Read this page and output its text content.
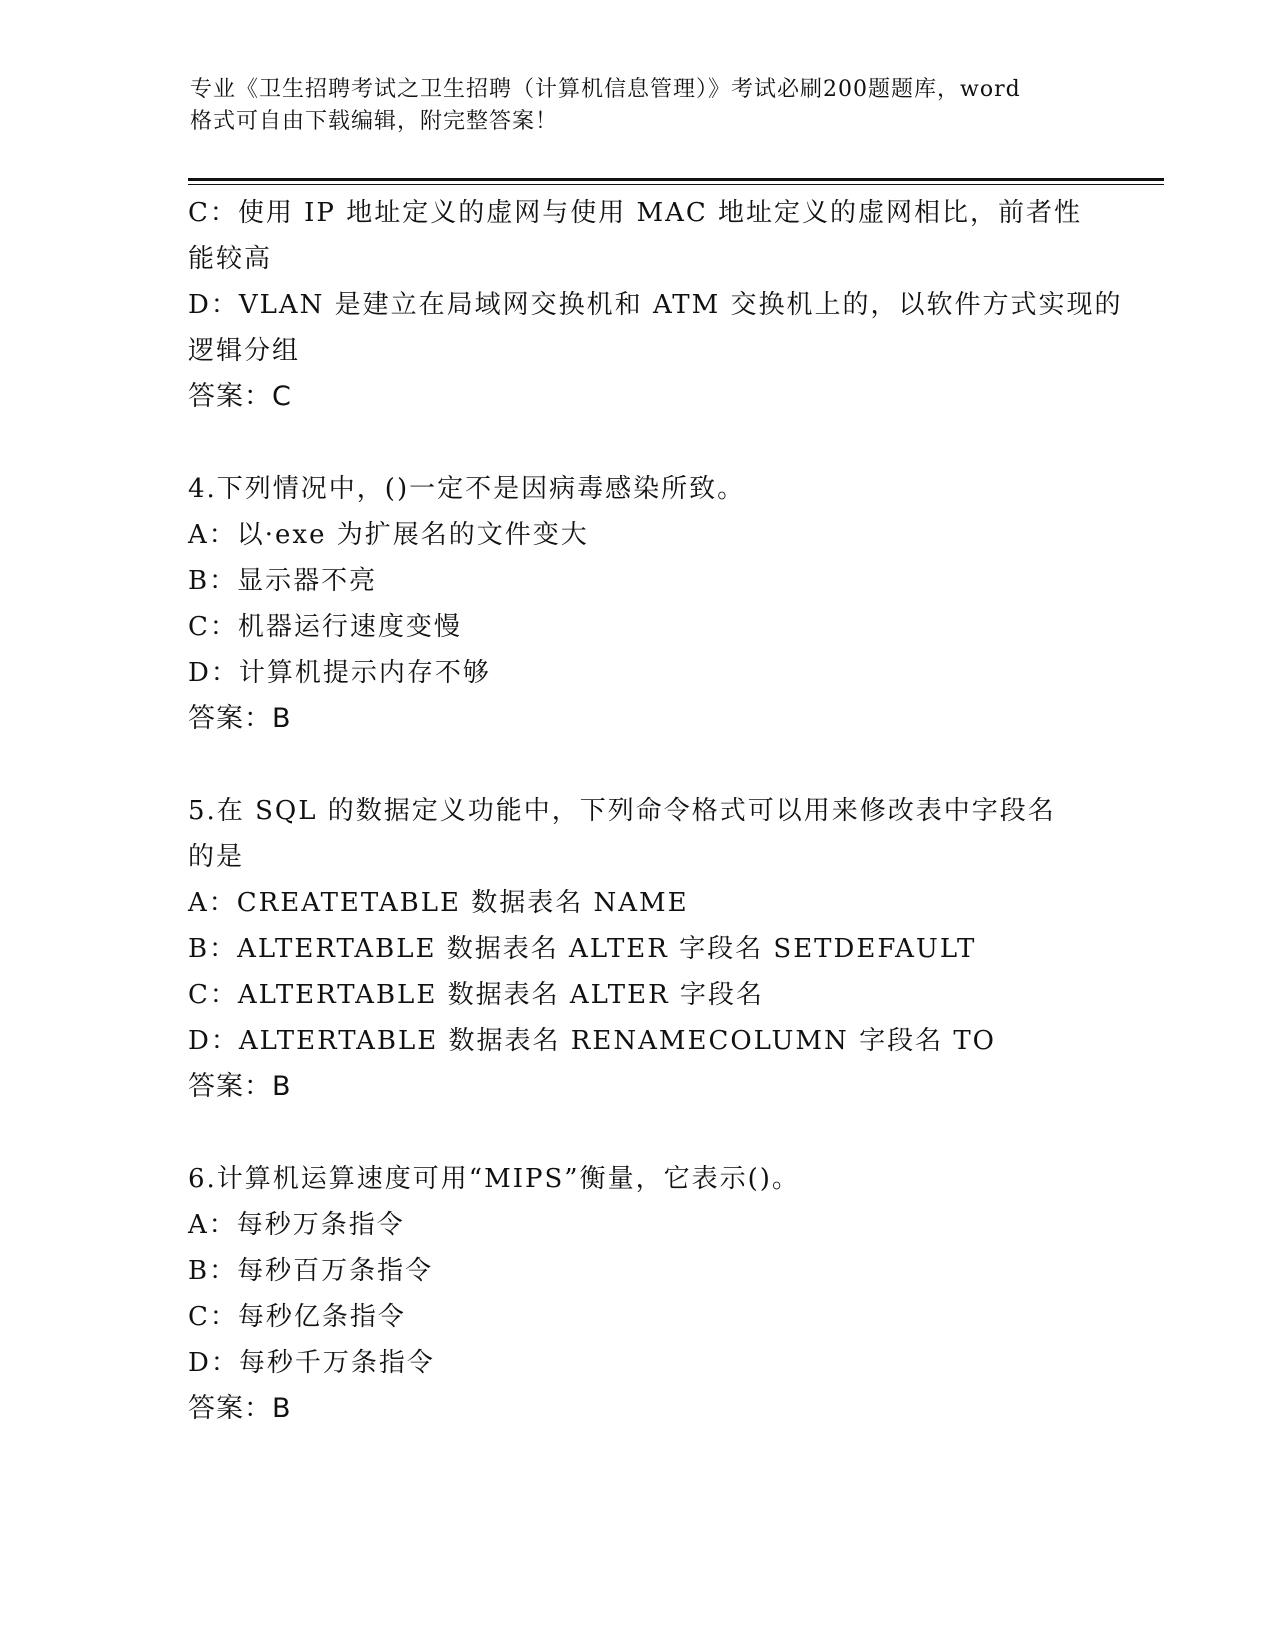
专业《卫生招聘考试之卫生招聘（计算机信息管理）》考试必刷200题题库，word
格式可自由下载编辑，附完整答案！
C：使用 IP 地址定义的虚网与使用 MAC 地址定义的虚网相比，前者性
能较高
D：VLAN 是建立在局域网交换机和 ATM 交换机上的，以软件方式实现的
逻辑分组
答案：C
4.下列情况中，()一定不是因病毒感染所致。
A：以·exe 为扩展名的文件变大
B：显示器不亮
C：机器运行速度变慢
D：计算机提示内存不够
答案：B
5.在 SQL 的数据定义功能中，下列命令格式可以用来修改表中字段名
的是
A：CREATETABLE 数据表名 NAME
B：ALTERTABLE 数据表名 ALTER 字段名 SETDEFAULT
C：ALTERTABLE 数据表名 ALTER 字段名
D：ALTERTABLE 数据表名 RENAMECOLUMN 字段名 TO
答案：B
6.计算机运算速度可用“MIPS”衡量，它表示()。
A：每秒万条指令
B：每秒百万条指令
C：每秒亿条指令
D：每秒千万条指令
答案：B
